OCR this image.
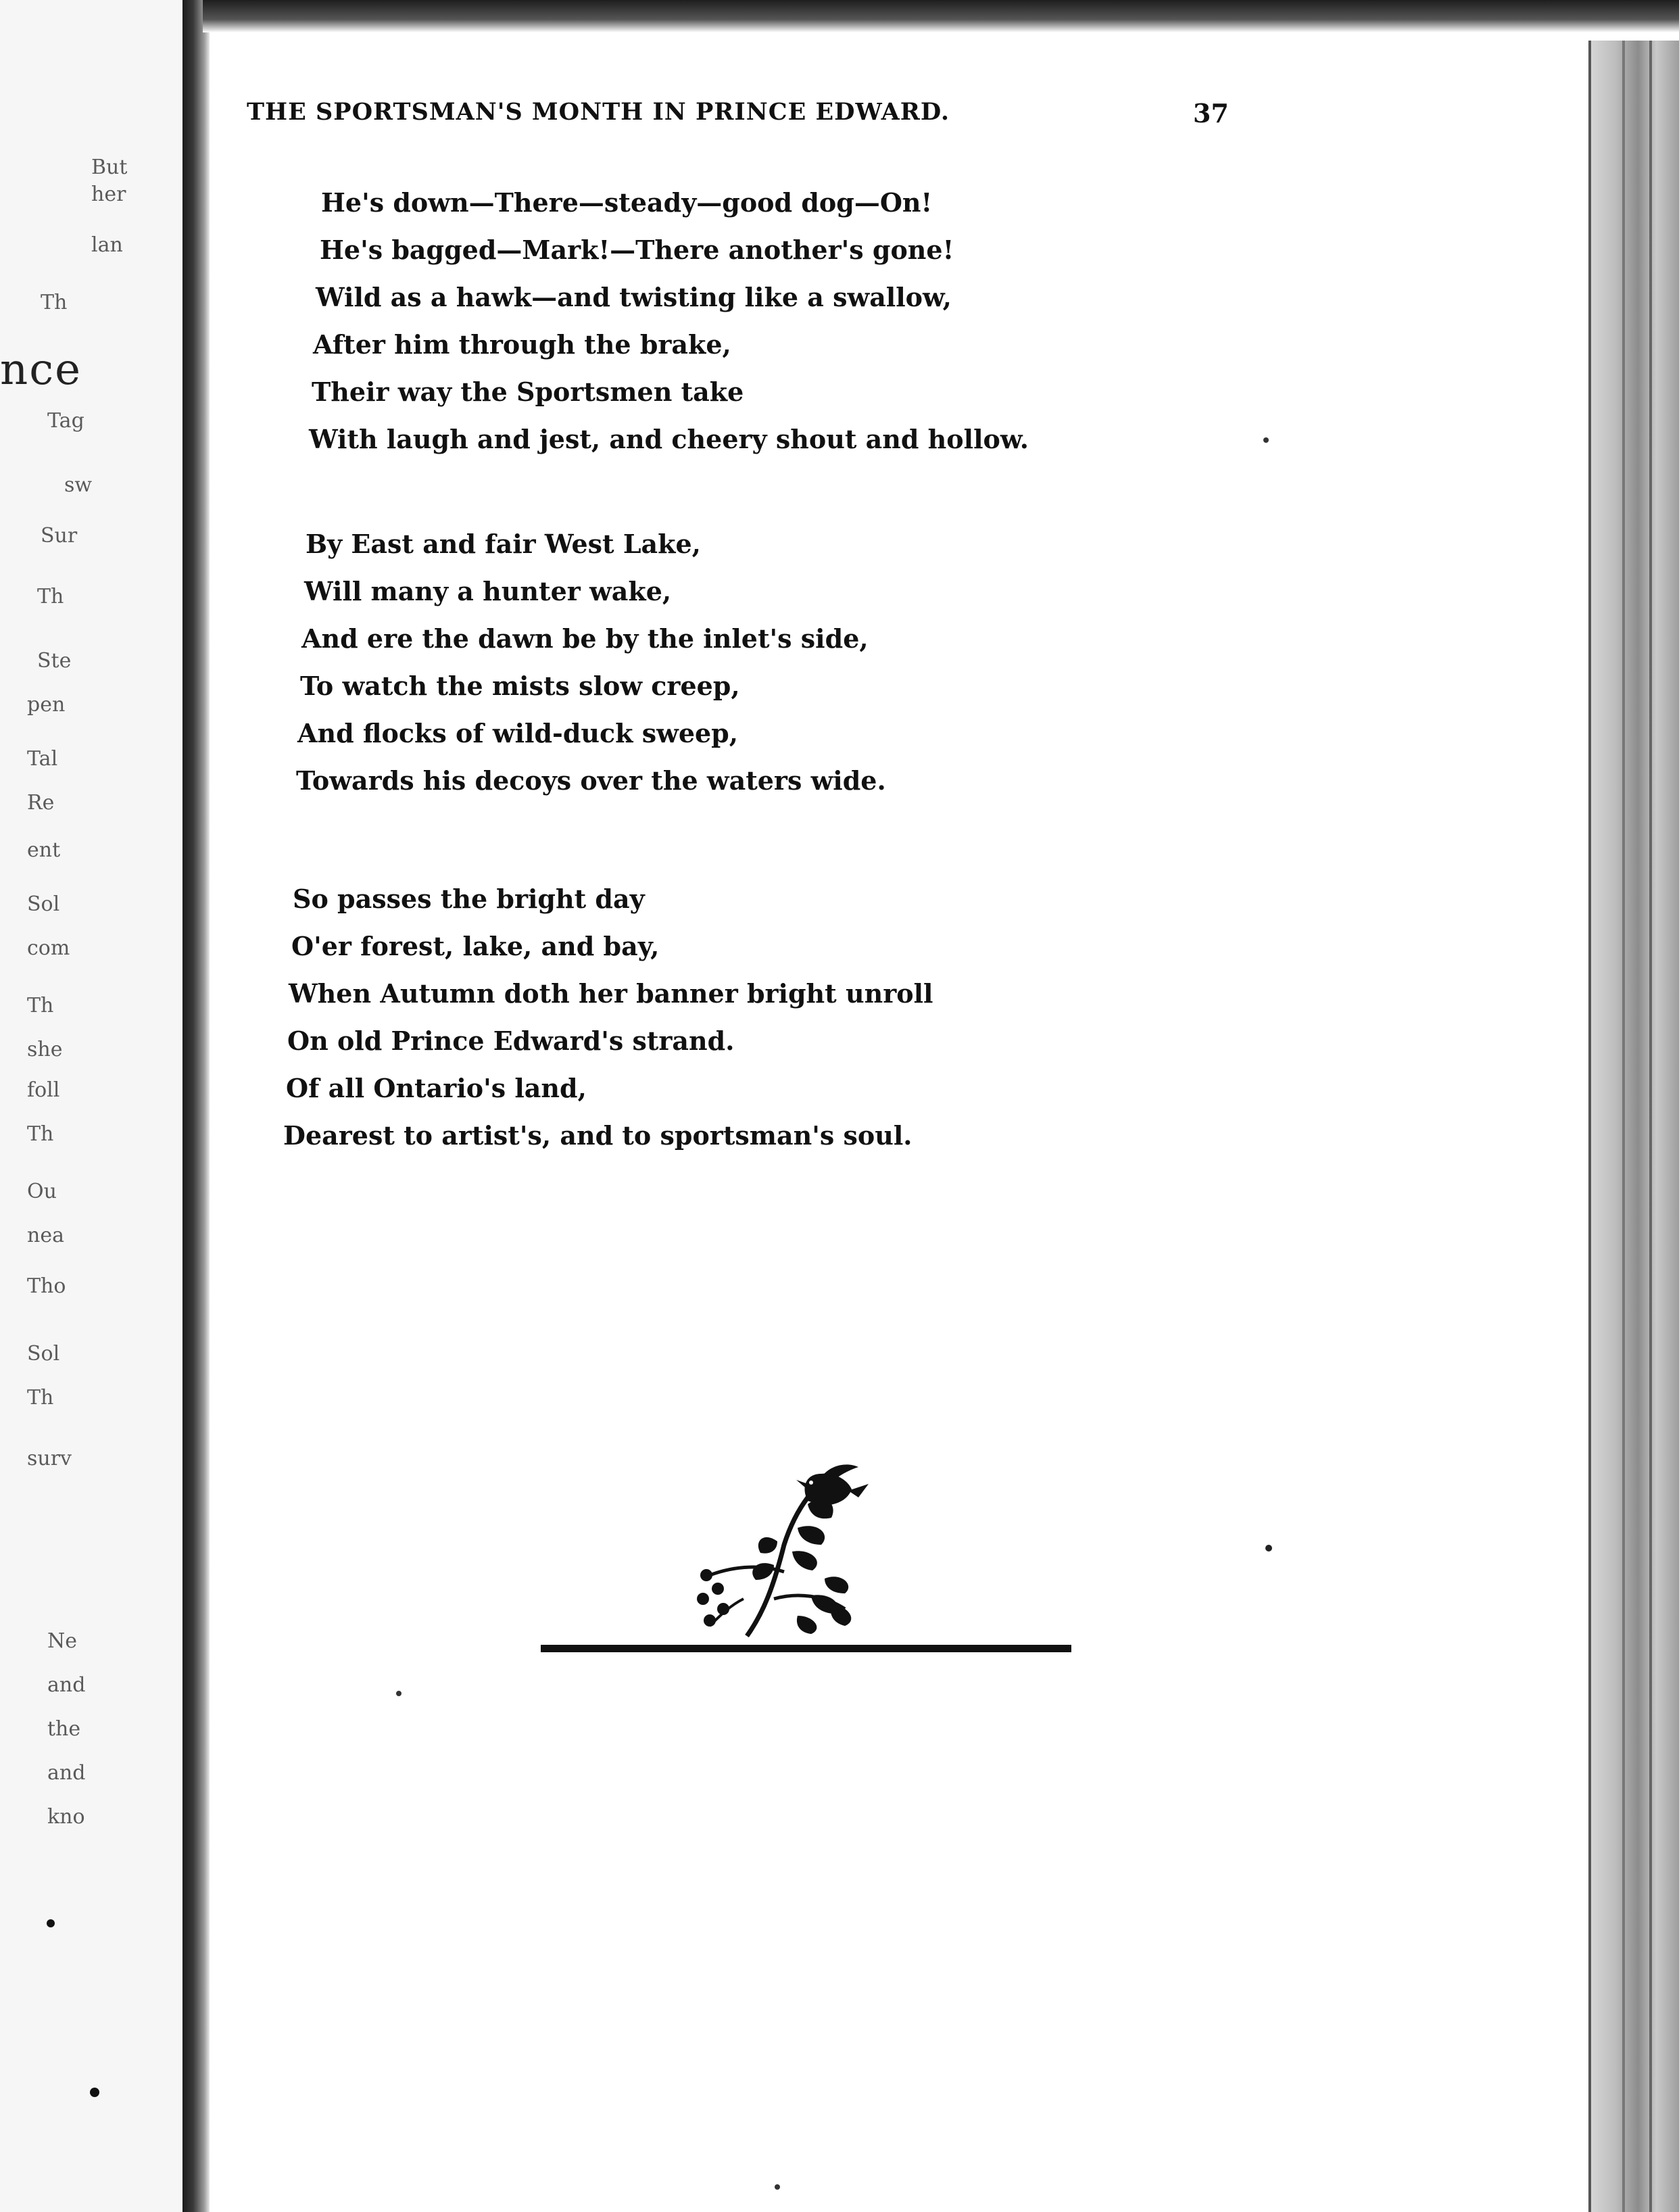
But
her
lan
Th
nce
Tag
sw
Sur
Th
Ste
pen
Tal
Re
ent
Sol
com
Th
she
foll
Th
Ou
nea
Tho
Sol
Th
surv
Ne
and
the
and
kno
THE SPORTSMAN'S MONTH IN PRINCE EDWARD.	37
He's down—There—steady—good dog—On!
He's bagged—Mark!—There another's gone!
Wild as a hawk—and twisting like a swallow,
After him through the brake,
Their way the Sportsmen take
With laugh and jest, and cheery shout and hollow.
By East and fair West Lake,
Will many a hunter wake,
And ere the dawn be by the inlet's side,
To watch the mists slow creep,
And flocks of wild-duck sweep,
Towards his decoys over the waters wide.
So passes the bright day
O'er forest, lake, and bay,
When Autumn doth her banner bright unroll
On old Prince Edward's strand.
Of all Ontario's land,
Dearest to artist's, and to sportsman's soul.
